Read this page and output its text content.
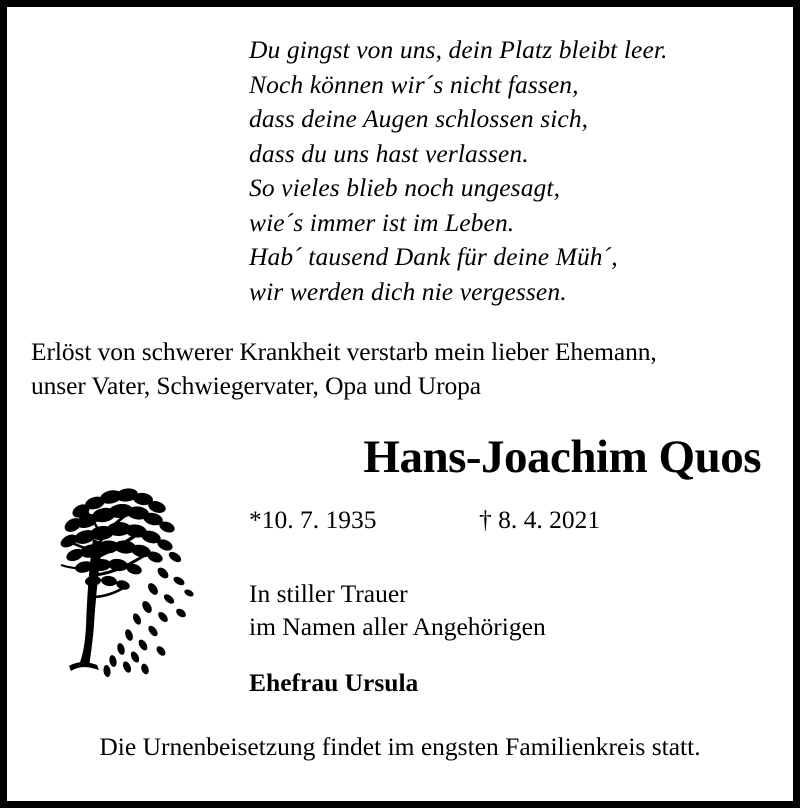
Du gingst von uns, dein Platz bleibt leer.
Noch können wir´s nicht fassen,
dass deine Augen schlossen sich,
dass du uns hast verlassen.
So vieles blieb noch ungesagt,
wie´s immer ist im Leben.
Hab´ tausend Dank für deine Müh´,
wir werden dich nie vergessen.
Erlöst von schwerer Krankheit verstarb mein lieber Ehemann,
unser Vater, Schwiegervater, Opa und Uropa
Hans-Joachim Quos
*10. 7. 1935	† 8. 4. 2021
In stiller Trauer
im Namen aller Angehörigen
Ehefrau Ursula
Die Urnenbeisetzung findet im engsten Familienkreis statt.
